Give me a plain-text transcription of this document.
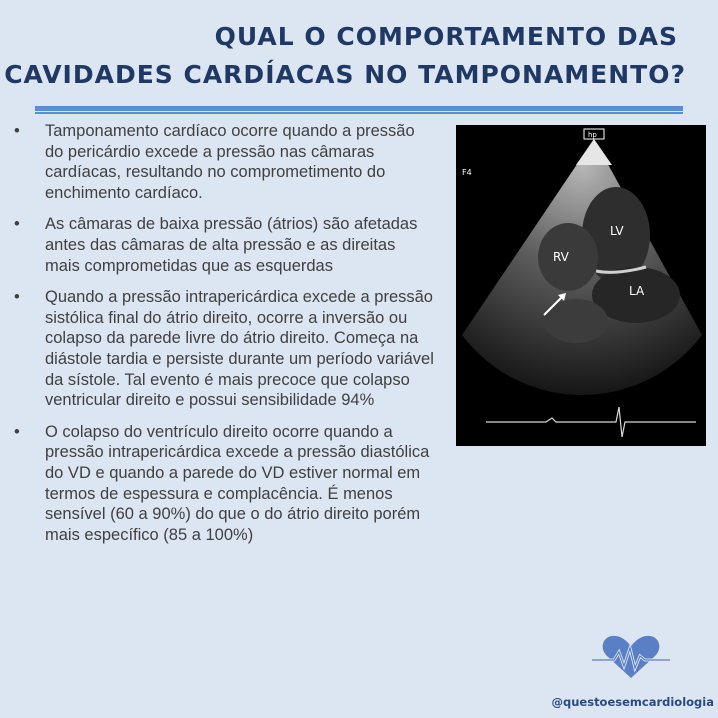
QUAL O COMPORTAMENTO DAS
CAVIDADES CARDÍACAS NO TAMPONAMENTO?
• Tamponamento cardíaco ocorre quando a pressão do pericárdio excede a pressão nas câmaras cardíacas, resultando no comprometimento do enchimento cardíaco.
• As câmaras de baixa pressão (átrios) são afetadas antes das câmaras de alta pressão e as direitas mais comprometidas que as esquerdas
• Quando a pressão intrapericárdica excede a pressão sistólica final do átrio direito, ocorre a inversão ou colapso da parede livre do átrio direito. Começa na diástole tardia e persiste durante um período variável da sístole. Tal evento é mais precoce que colapso ventricular direito e possui sensibilidade 94%
• O colapso do ventrículo direito ocorre quando a pressão intrapericárdica excede a pressão diastólica do VD e quando a parede do VD estiver normal em termos de espessura e complacência. É menos sensível (60 a 90%) do que o do átrio direito porém mais específico (85 a 100%)
hp
F4
LV
RV
LA
@questoesemcardiologia
